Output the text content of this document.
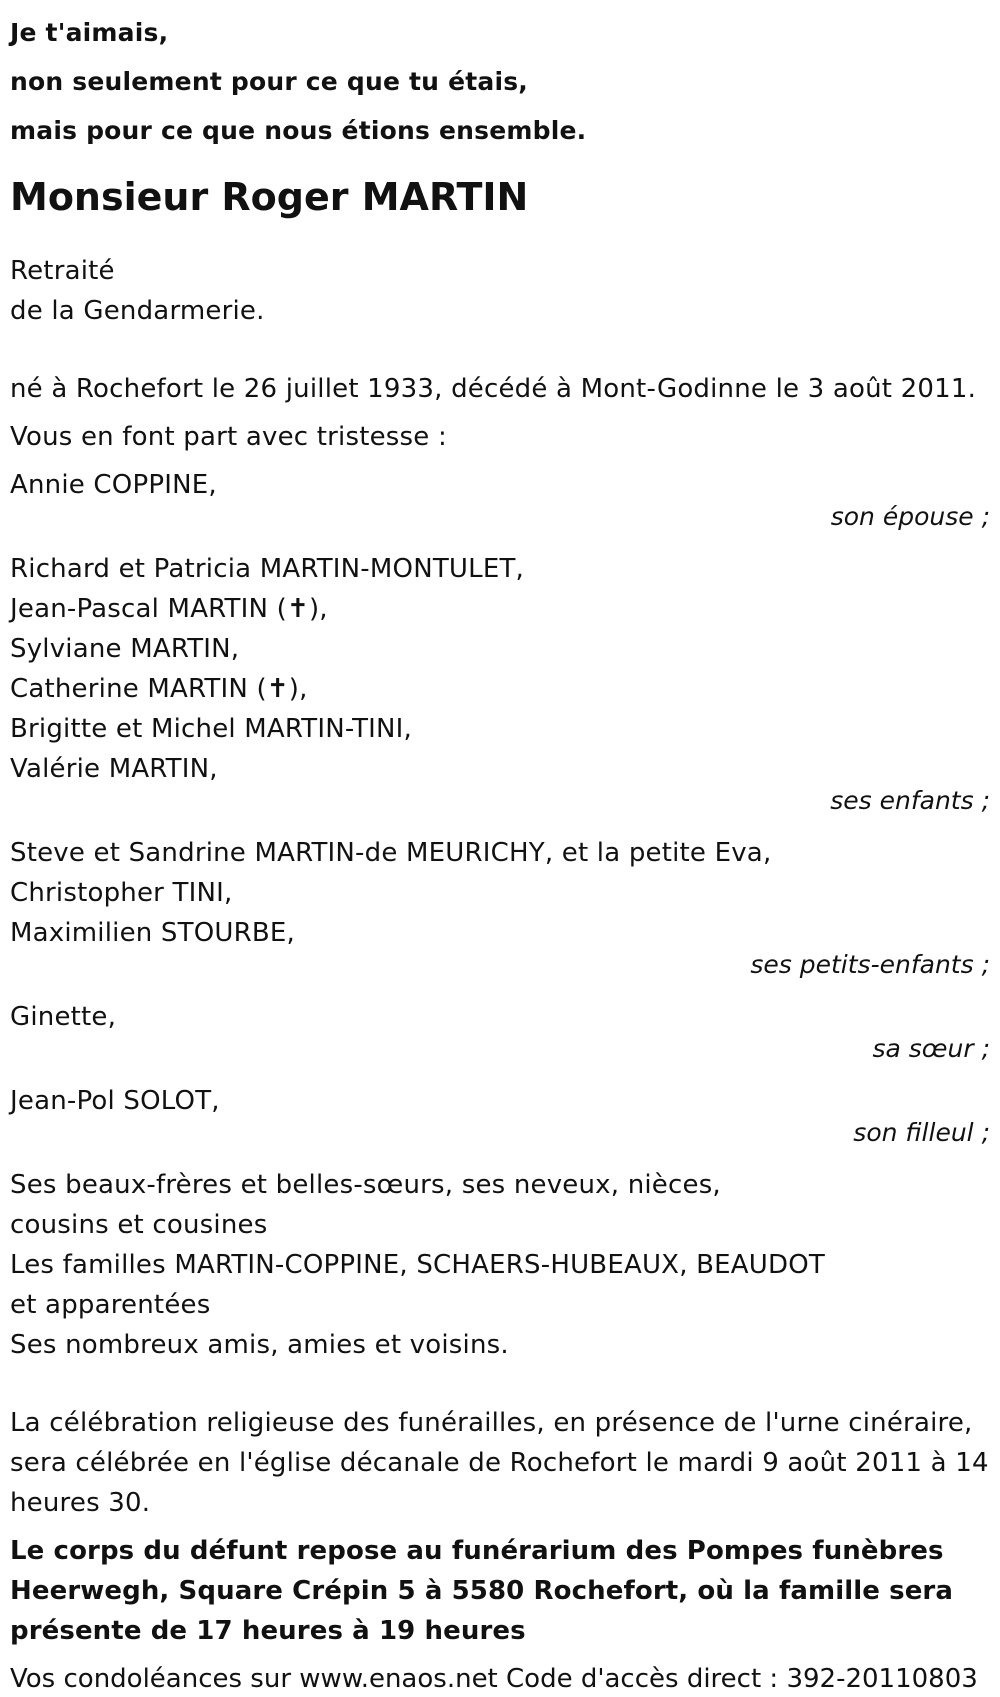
Je t'aimais,
non seulement pour ce que tu étais,
mais pour ce que nous étions ensemble.
Monsieur Roger MARTIN
Retraité
de la Gendarmerie.
né à Rochefort le 26 juillet 1933, décédé à Mont-Godinne le 3 août 2011.
Vous en font part avec tristesse :
Annie COPPINE,
son épouse ;
Richard et Patricia MARTIN-MONTULET,
Jean-Pascal MARTIN (✝),
Sylviane MARTIN,
Catherine MARTIN (✝),
Brigitte et Michel MARTIN-TINI,
Valérie MARTIN,
ses enfants ;
Steve et Sandrine MARTIN-de MEURICHY, et la petite Eva,
Christopher TINI,
Maximilien STOURBE,
ses petits-enfants ;
Ginette,
sa sœur ;
Jean-Pol SOLOT,
son filleul ;
Ses beaux-frères et belles-sœurs, ses neveux, nièces,
cousins et cousines
Les familles MARTIN-COPPINE, SCHAERS-HUBEAUX, BEAUDOT
et apparentées
Ses nombreux amis, amies et voisins.
La célébration religieuse des funérailles, en présence de l'urne cinéraire,
sera célébrée en l'église décanale de Rochefort le mardi 9 août 2011 à 14
heures 30.
Le corps du défunt repose au funérarium des Pompes funèbres
Heerwegh, Square Crépin 5 à 5580 Rochefort, où la famille sera
présente de 17 heures à 19 heures
Vos condoléances sur www.enaos.net Code d'accès direct : 392-20110803
